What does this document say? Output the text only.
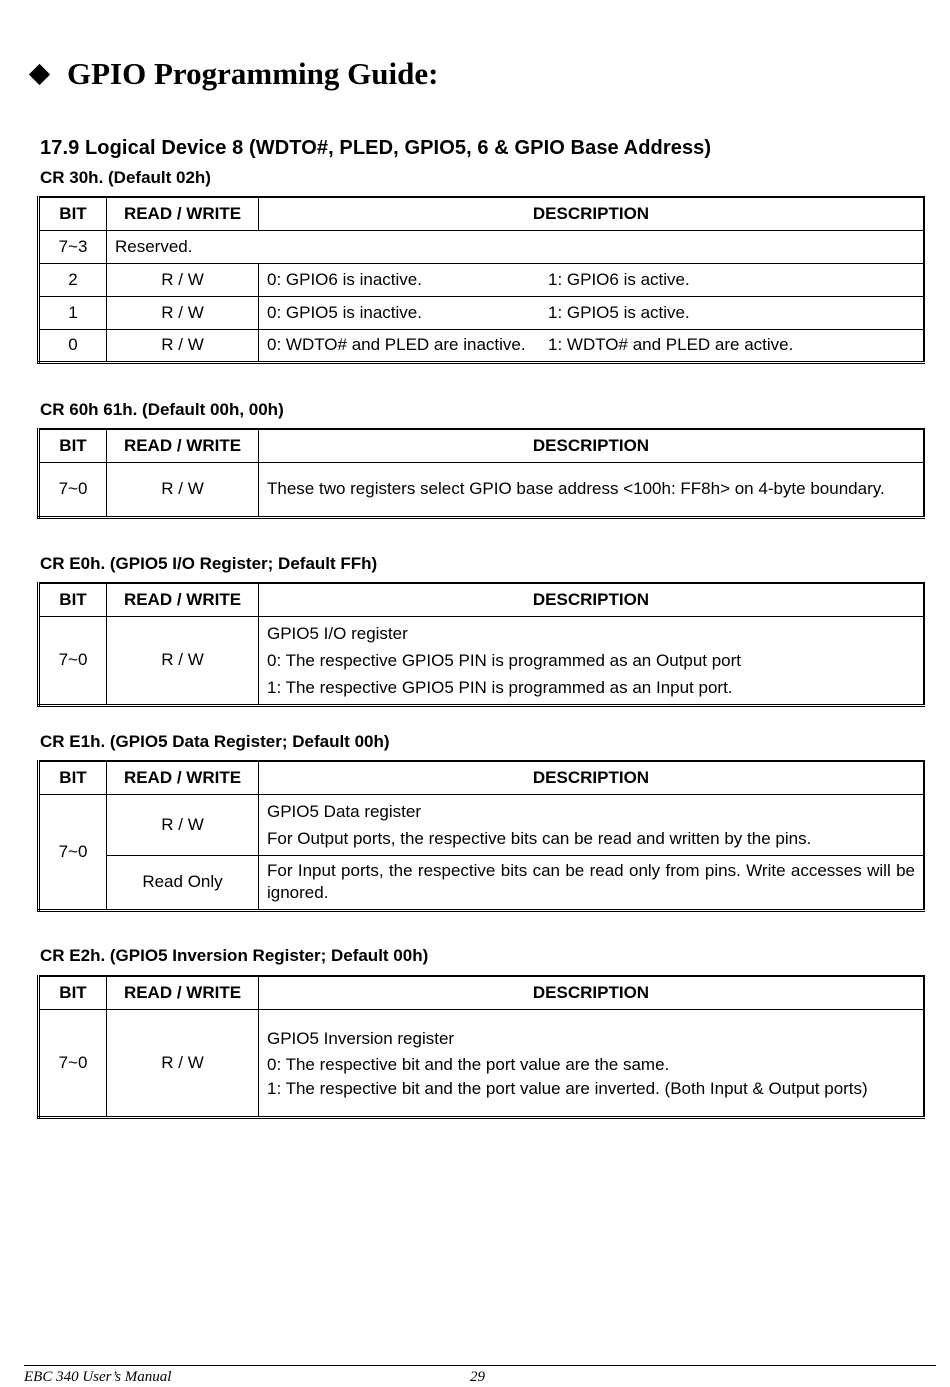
GPIO Programming Guide:
17.9 Logical Device 8 (WDTO#, PLED, GPIO5, 6 & GPIO Base Address)

CR 30h. (Default 02h)

BIT	READ / WRITE	DESCRIPTION
7~3	Reserved.	
2	R / W	0: GPIO6 is inactive. 1: GPIO6 is active.

1	R / W	0: GPIO5 is inactive. 1: GPIO5 is active.

0	R / W	0: WDTO# and PLED are inactive. 1: WDTO# and PLED are active.

CR 60h 61h. (Default 00h, 00h)

BIT	READ / WRITE	DESCRIPTION
7~0	R / W	These two registers select GPIO base address <100h: FF8h> on 4-byte boundary.

CR E0h. (GPIO5 I/O Register; Default FFh)

BIT	READ / WRITE	DESCRIPTION
7~0	R / W	GPIO5 I/O register
0: The respective GPIO5 PIN is programmed as an Output port
1: The respective GPIO5 PIN is programmed as an Input port.

CR E1h. (GPIO5 Data Register; Default 00h)

BIT	READ / WRITE	DESCRIPTION
7~0	R / W	GPIO5 Data register
For Output ports, the respective bits can be read and written by the pins.

	Read Only	For Input ports, the respective bits can be read only from pins. Write accesses will be ignored.

CR E2h. (GPIO5 Inversion Register; Default 00h)

BIT	READ / WRITE	DESCRIPTION
7~0	R / W	GPIO5 Inversion register
0: The respective bit and the port value are the same.
1: The respective bit and the port value are inverted. (Both Input & Output ports)
EBC 340 User’s Manual	29
